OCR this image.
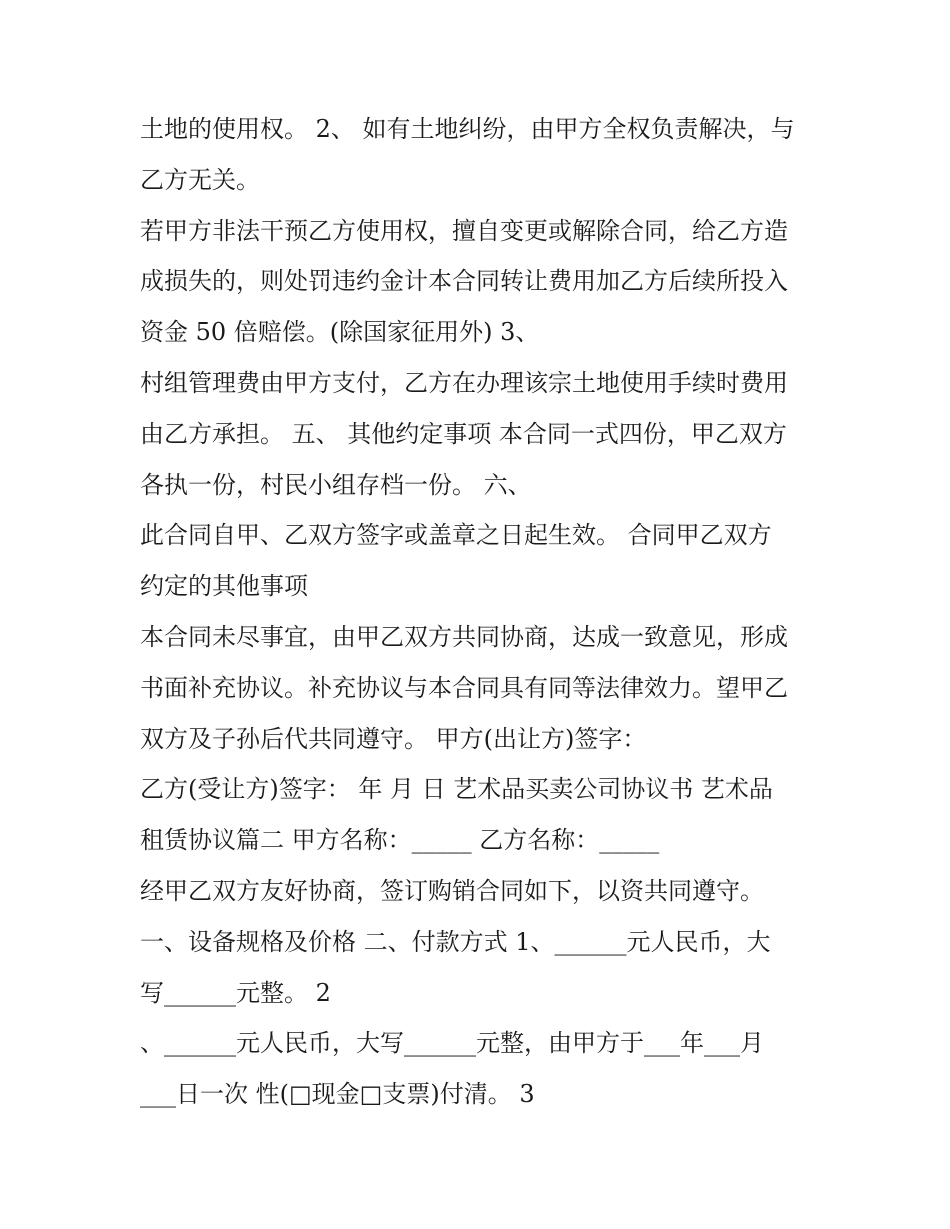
土地的使用权。 2、 如有土地纠纷，由甲方全权负责解决，与
乙方无关。
若甲方非法干预乙方使用权，擅自变更或解除合同，给乙方造
成损失的，则处罚违约金计本合同转让费用加乙方后续所投入
资金 50 倍赔偿。(除国家征用外) 3、
村组管理费由甲方支付，乙方在办理该宗土地使用手续时费用
由乙方承担。 五、 其他约定事项 本合同一式四份，甲乙双方
各执一份，村民小组存档一份。 六、
此合同自甲、乙双方签字或盖章之日起生效。 合同甲乙双方
约定的其他事项
本合同未尽事宜，由甲乙双方共同协商，达成一致意见，形成
书面补充协议。补充协议与本合同具有同等法律效力。望甲乙
双方及子孙后代共同遵守。 甲方(出让方)签字：
乙方(受让方)签字： 年 月 日 艺术品买卖公司协议书 艺术品
租赁协议篇二 甲方名称：_____ 乙方名称：_____
经甲乙双方友好协商，签订购销合同如下，以资共同遵守。
一、设备规格及价格 二、付款方式 1、______元人民币，大
写______元整。 2
、______元人民币，大写______元整，由甲方于___年___月
___日一次 性(□现金□支票)付清。 3
